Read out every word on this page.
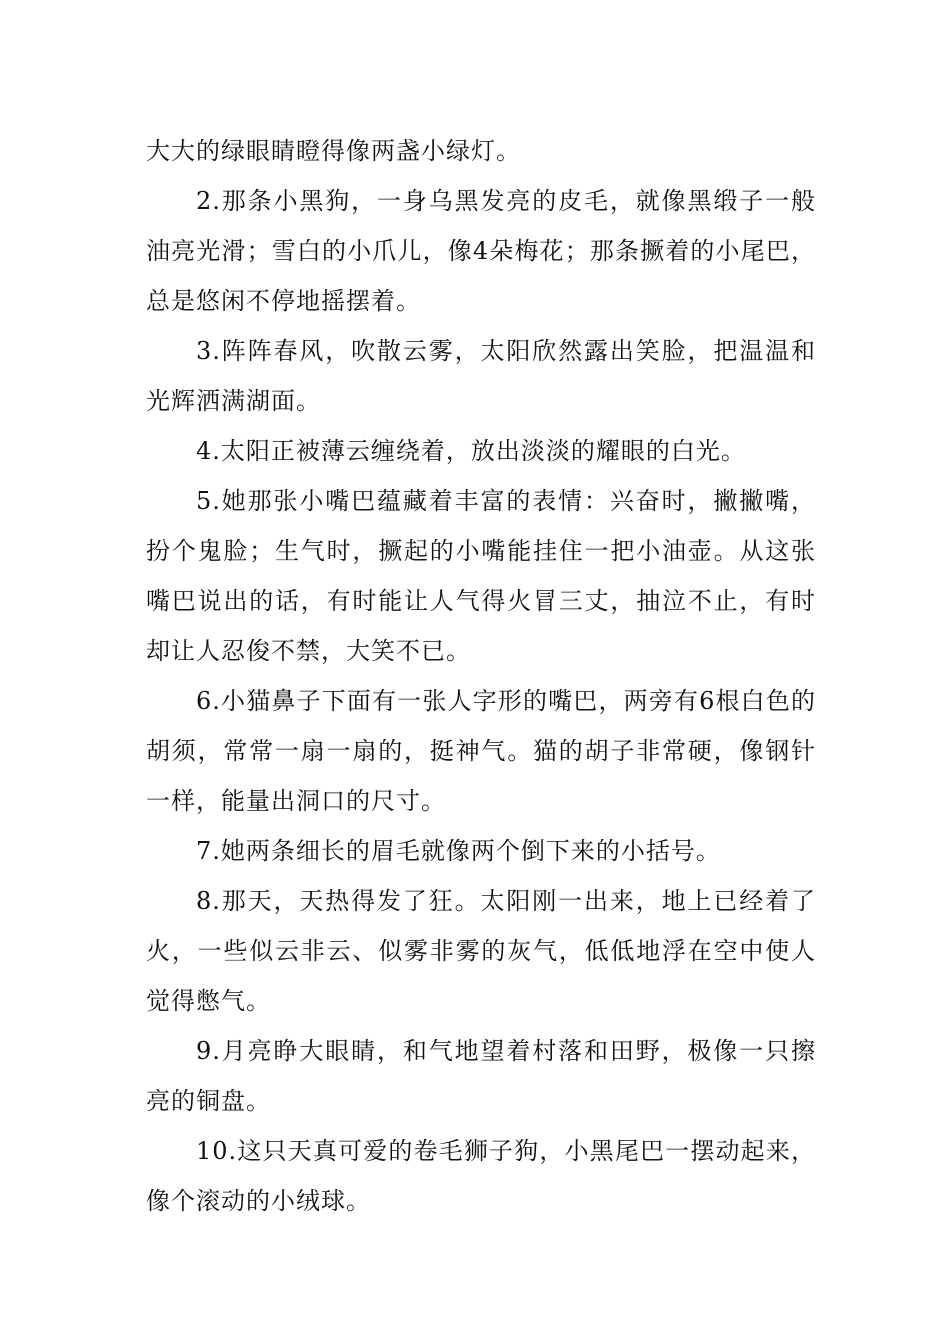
大大的绿眼睛瞪得像两盏小绿灯。

2.那条小黑狗，一身乌黑发亮的皮毛，就像黑缎子一般油亮光滑；雪白的小爪儿，像4朵梅花；那条撅着的小尾巴，总是悠闲不停地摇摆着。

3.阵阵春风，吹散云雾，太阳欣然露出笑脸，把温温和光辉洒满湖面。

4.太阳正被薄云缠绕着，放出淡淡的耀眼的白光。

5.她那张小嘴巴蕴藏着丰富的表情：兴奋时，撇撇嘴，扮个鬼脸；生气时，撅起的小嘴能挂住一把小油壶。从这张嘴巴说出的话，有时能让人气得火冒三丈，抽泣不止，有时却让人忍俊不禁，大笑不已。

6.小猫鼻子下面有一张人字形的嘴巴，两旁有6根白色的胡须，常常一扇一扇的，挺神气。猫的胡子非常硬，像钢针一样，能量出洞口的尺寸。

7.她两条细长的眉毛就像两个倒下来的小括号。

8.那天，天热得发了狂。太阳刚一出来，地上已经着了火，一些似云非云、似雾非雾的灰气，低低地浮在空中使人觉得憋气。

9.月亮睁大眼睛，和气地望着村落和田野，极像一只擦亮的铜盘。

10.这只天真可爱的卷毛狮子狗，小黑尾巴一摆动起来，像个滚动的小绒球。
